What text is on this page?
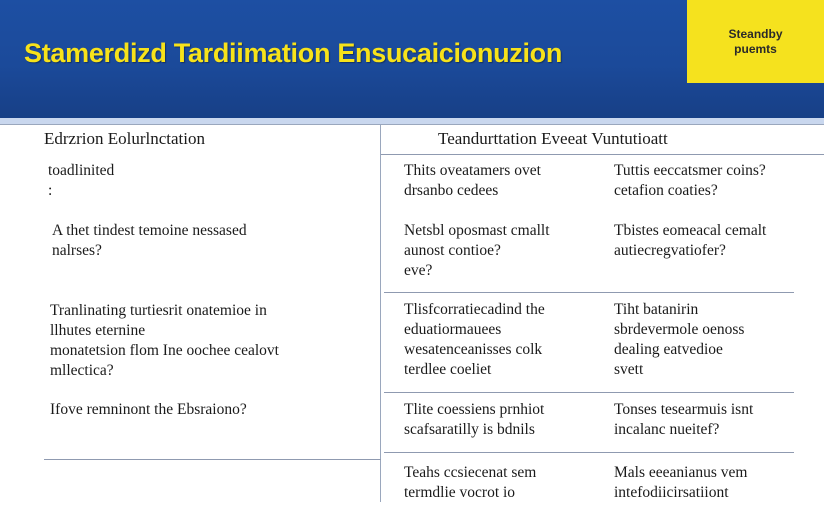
Stamerdizd Tardiimation Ensucaicionuzion
Steandby
puemts
Edrzrion Eolurlnctation	Teandurttation Eveeat Vuntutioatt
toadlinited
:
A thet tindest temoine nessased
nalrses?
Tranlinating turtiesrit onatemioe in
llhutes eternine
monatetsion flom Ine oochee cealovt
mllectica?
Ifove remninont the Ebsraiono?
Thits oveatamers ovet
drsanbo cedees
Tuttis eeccatsmer coins?
cetafion coaties?
Netsbl oposmast cmallt
aunost contioe?
eve?
Tbistes eomeacal cemalt
autiecregvatiofer?
Tlisfcorratiecadind the
eduatiormauees
wesatenceanisses colk
terdlee coeliet
Tiht batanirin
sbrdevermole oenoss
dealing eatvedioe
svett
Tlite coessiens prnhiot
scafsaratilly is bdnils
Tonses tesearmuis isnt
incalanc nueitef?
Teahs ccsiecenat sem
termdlie vocrot io
Mals eeeanianus vem
intefodiicirsatiiont
